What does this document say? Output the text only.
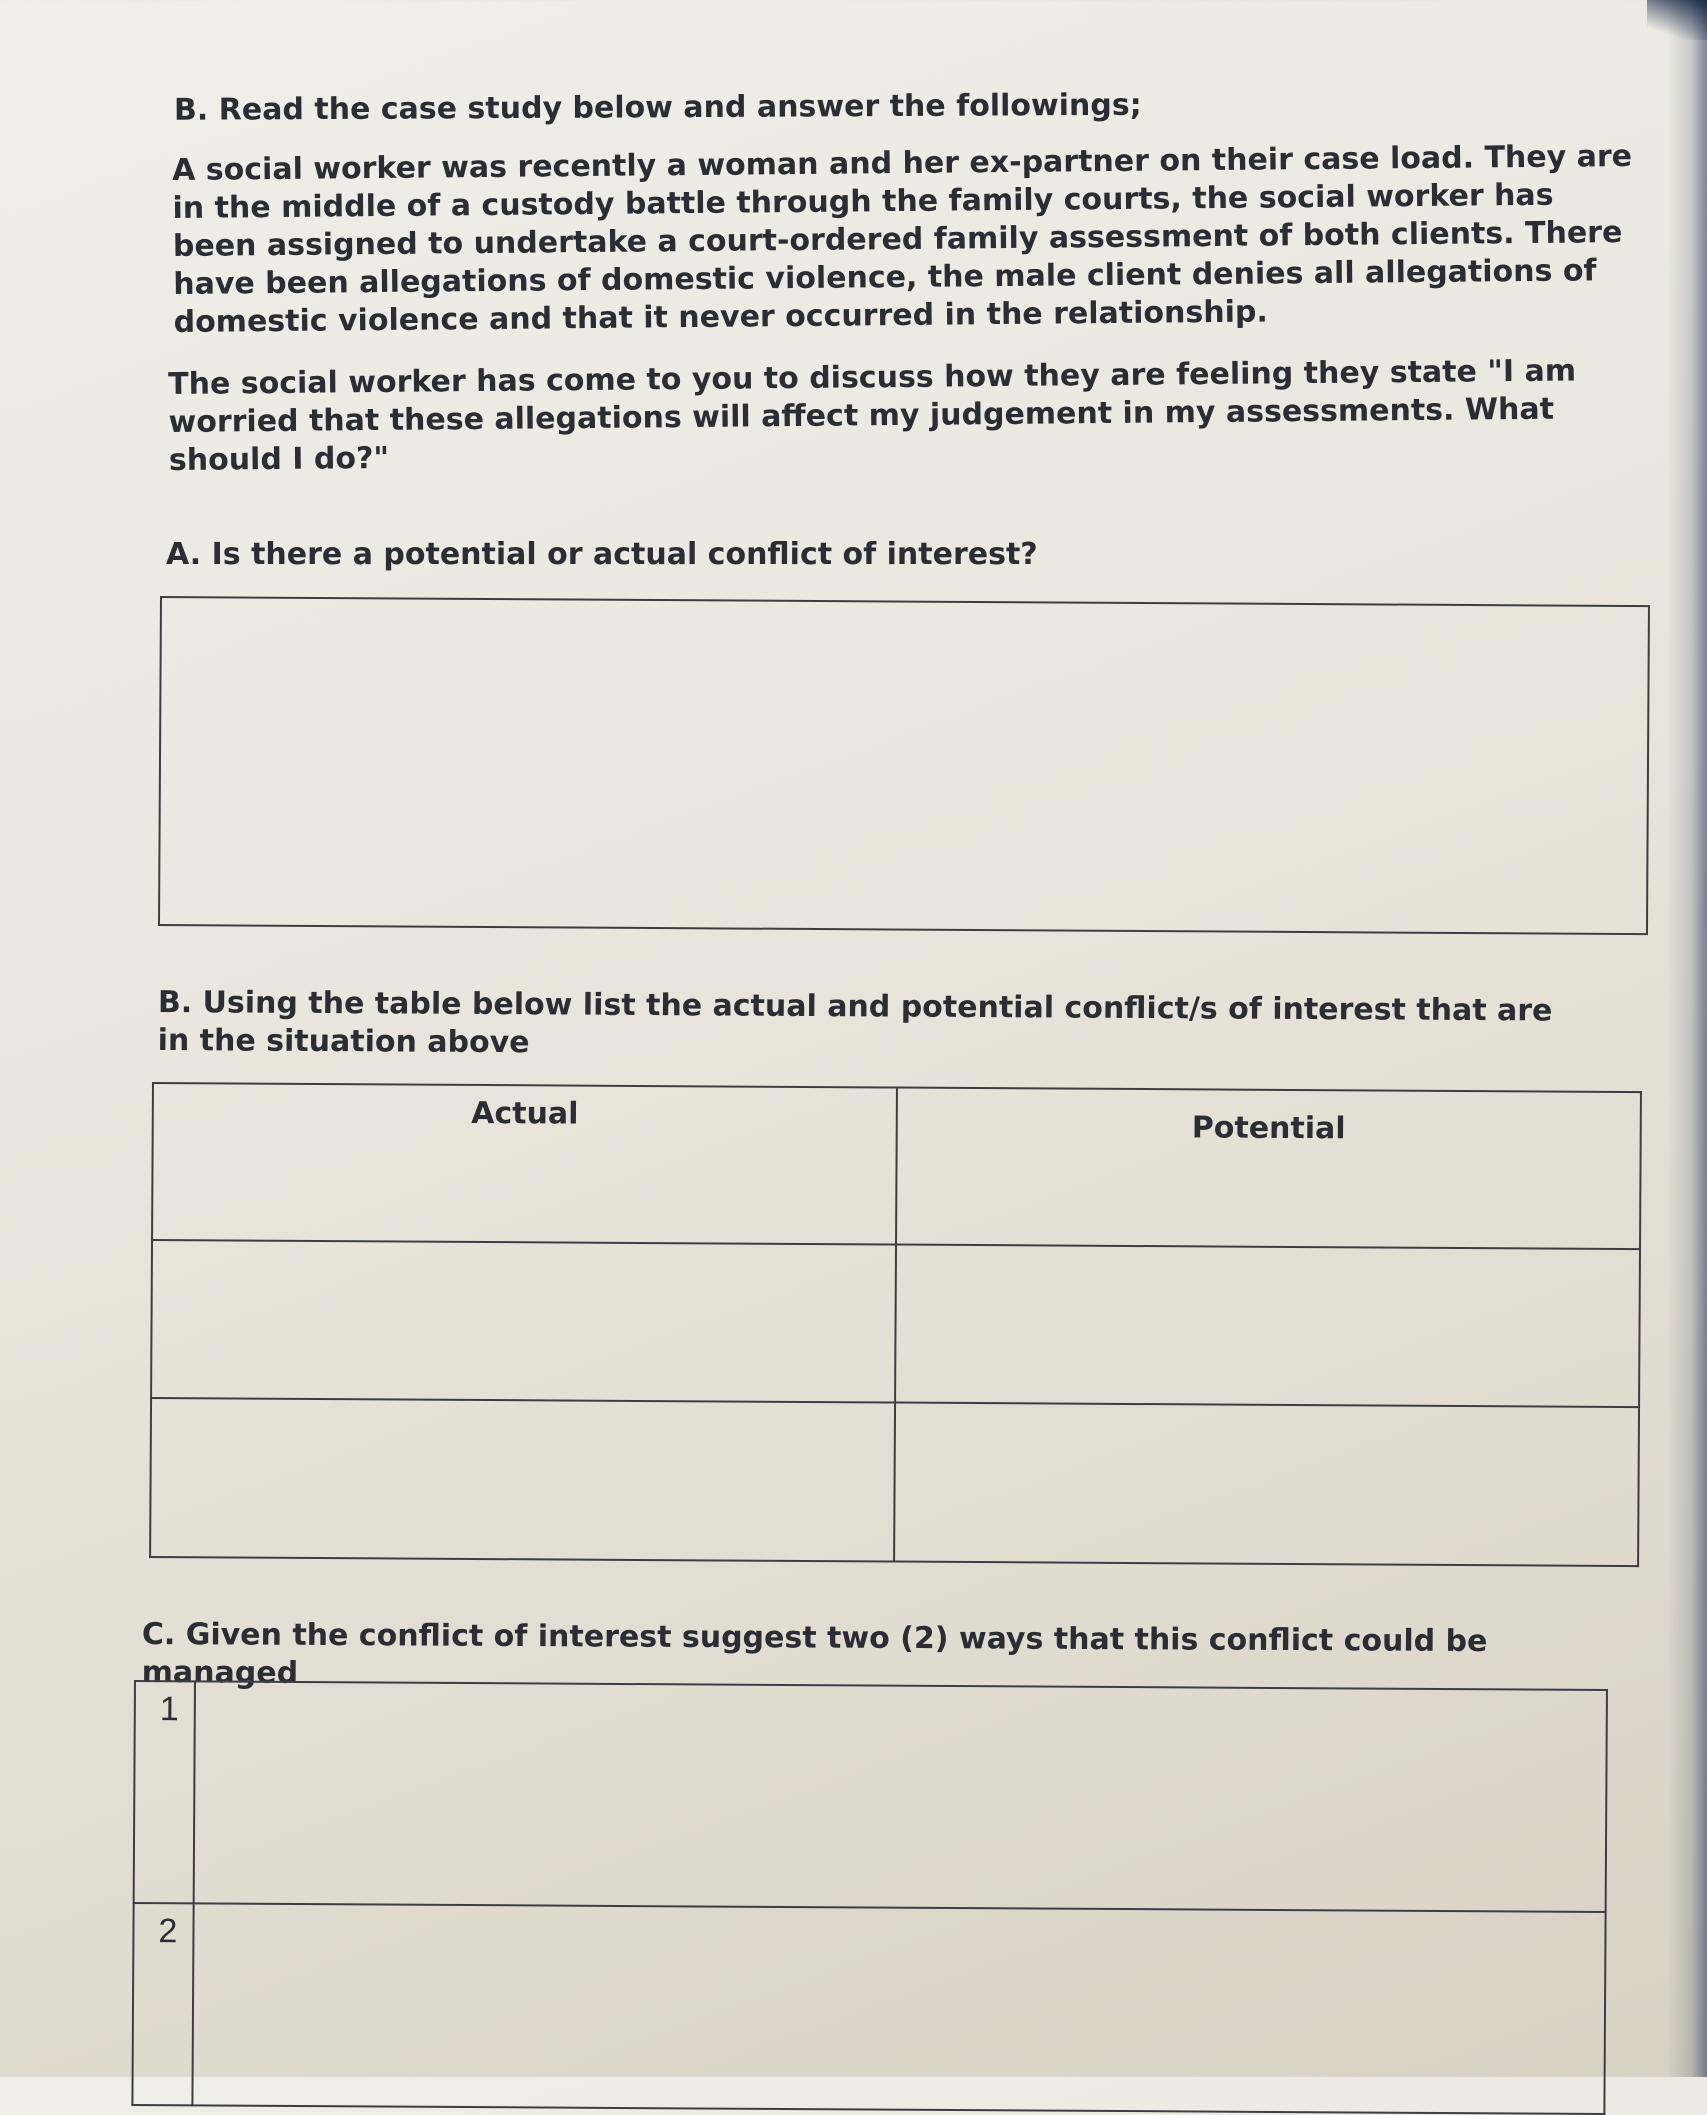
B. Read the case study below and answer the followings;
A social worker was recently a woman and her ex-partner on their case load. They are in the middle of a custody battle through the family courts, the social worker has been assigned to undertake a court-ordered family assessment of both clients. There have been allegations of domestic violence, the male client denies all allegations of domestic violence and that it never occurred in the relationship.
The social worker has come to you to discuss how they are feeling they state "I am worried that these allegations will affect my judgement in my assessments. What should I do?"
A. Is there a potential or actual conflict of interest?
B. Using the table below list the actual and potential conflict/s of interest that are in the situation above
Actual	Potential

C. Given the conflict of interest suggest two (2) ways that this conflict could be managed
1	
2	
